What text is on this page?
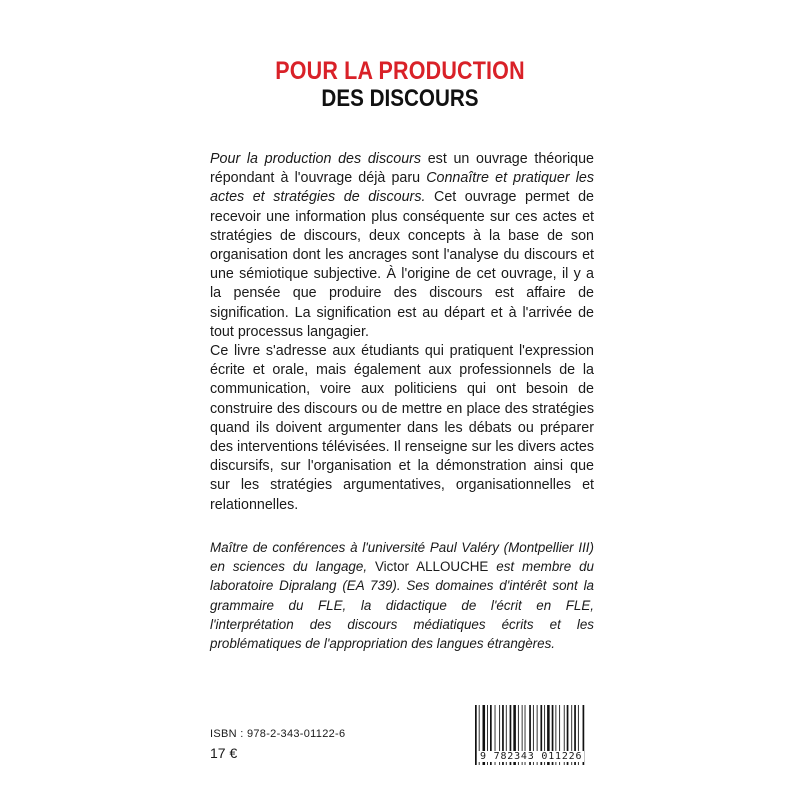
POUR LA PRODUCTION
DES DISCOURS

Pour la production des discours est un ouvrage théorique répondant à l'ouvrage déjà paru Connaître et pratiquer les actes et stratégies de discours. Cet ouvrage permet de recevoir une information plus conséquente sur ces actes et stratégies de discours, deux concepts à la base de son organisation dont les ancrages sont l'analyse du discours et une sémiotique subjective. À l'origine de cet ouvrage, il y a la pensée que produire des discours est affaire de signification. La signification est au départ et à l'arrivée de tout processus langagier.

Ce livre s'adresse aux étudiants qui pratiquent l'expression écrite et orale, mais également aux professionnels de la communication, voire aux politiciens qui ont besoin de construire des discours ou de mettre en place des stratégies quand ils doivent argumenter dans les débats ou préparer des interventions télévisées. Il renseigne sur les divers actes discursifs, sur l'organisation et la démonstration ainsi que sur les stratégies argumentatives, organisationnelles et relationnelles.

Maître de conférences à l'université Paul Valéry (Montpellier III) en sciences du langage, Victor ALLOUCHE est membre du laboratoire Dipralang (EA 739). Ses domaines d'intérêt sont la grammaire du FLE, la didactique de l'écrit en FLE, l'interprétation des discours médiatiques écrits et les problématiques de l'appropriation des langues étrangères.
ISBN : 978-2-343-01122-6
17 €	9 782343 011226
